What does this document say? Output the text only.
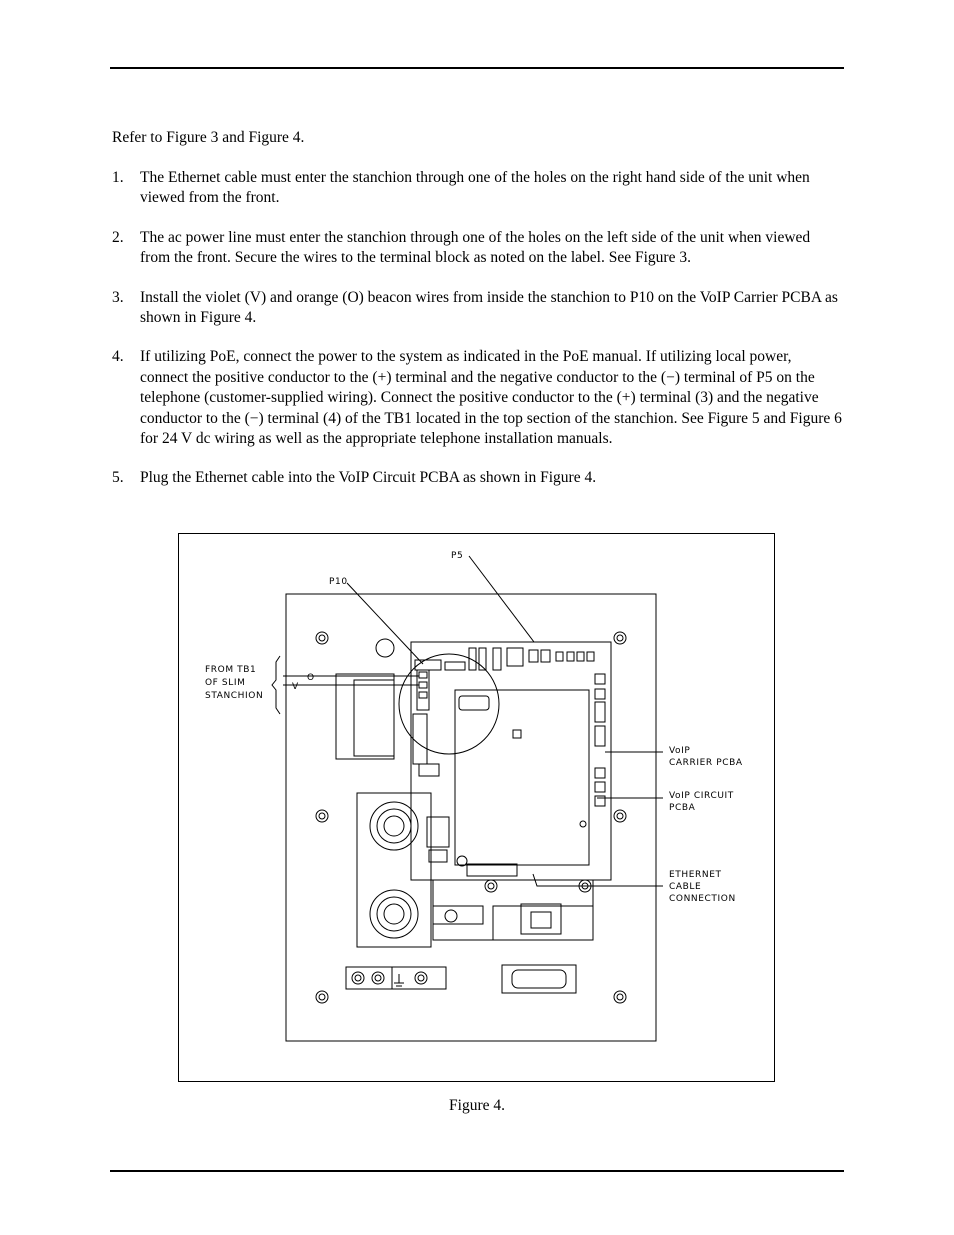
Refer to Figure 3 and Figure 4.

1. The Ethernet cable must enter the stanchion through one of the holes on the right hand side of the unit when viewed from the front.
2. The ac power line must enter the stanchion through one of the holes on the left side of the unit when viewed from the front. Secure the wires to the terminal block as noted on the label. See Figure 3.
3. Install the violet (V) and orange (O) beacon wires from inside the stanchion to P10 on the VoIP Carrier PCBA as shown in Figure 4.
4. If utilizing PoE, connect the power to the system as indicated in the PoE manual. If utilizing local power, connect the positive conductor to the (+) terminal and the negative conductor to the (−) terminal of P5 on the telephone (customer-supplied wiring). Connect the positive conductor to the (+) terminal (3) and the negative conductor to the (−) terminal (4) of the TB1 located in the top section of the stanchion. See Figure 5 and Figure 6 for 24 V dc wiring as well as the appropriate telephone installation manuals.
5. Plug the Ethernet cable into the VoIP Circuit PCBA as shown in Figure 4.
P5
P10
FROM TB1
OF SLIM
STANCHION
O
V
VoIP
CARRIER PCBA
VoIP CIRCUIT
PCBA
ETHERNET
CABLE
CONNECTION
Figure 4.
